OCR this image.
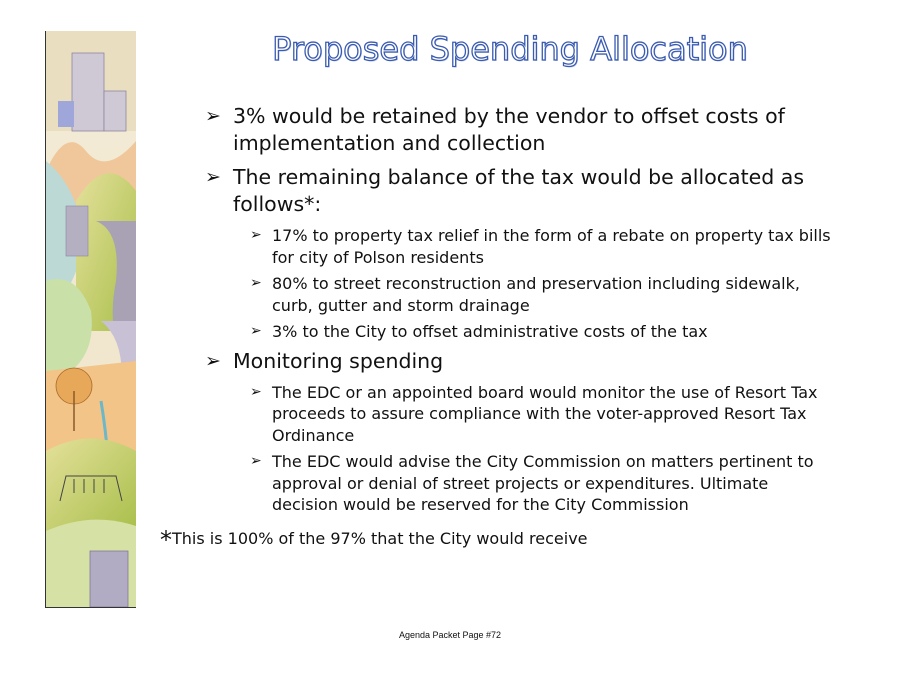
Proposed Spending Allocation
➢ 3% would be retained by the vendor to offset costs of implementation and collection
➢ The remaining balance of the tax would be allocated as follows*:
➢ 17% to property tax relief in the form of a rebate on property tax bills for city of Polson residents
➢ 80% to street reconstruction and preservation including sidewalk, curb, gutter and storm drainage
➢ 3% to the City to offset administrative costs of the tax
➢ Monitoring spending
➢ The EDC or an appointed board would monitor the use of Resort Tax proceeds to assure compliance with the voter-approved Resort Tax Ordinance
➢ The EDC would advise the City Commission on matters pertinent to approval or denial of street projects or expenditures. Ultimate decision would be reserved for the City Commission
*This is 100% of the 97% that the City would receive
Agenda Packet Page #72
